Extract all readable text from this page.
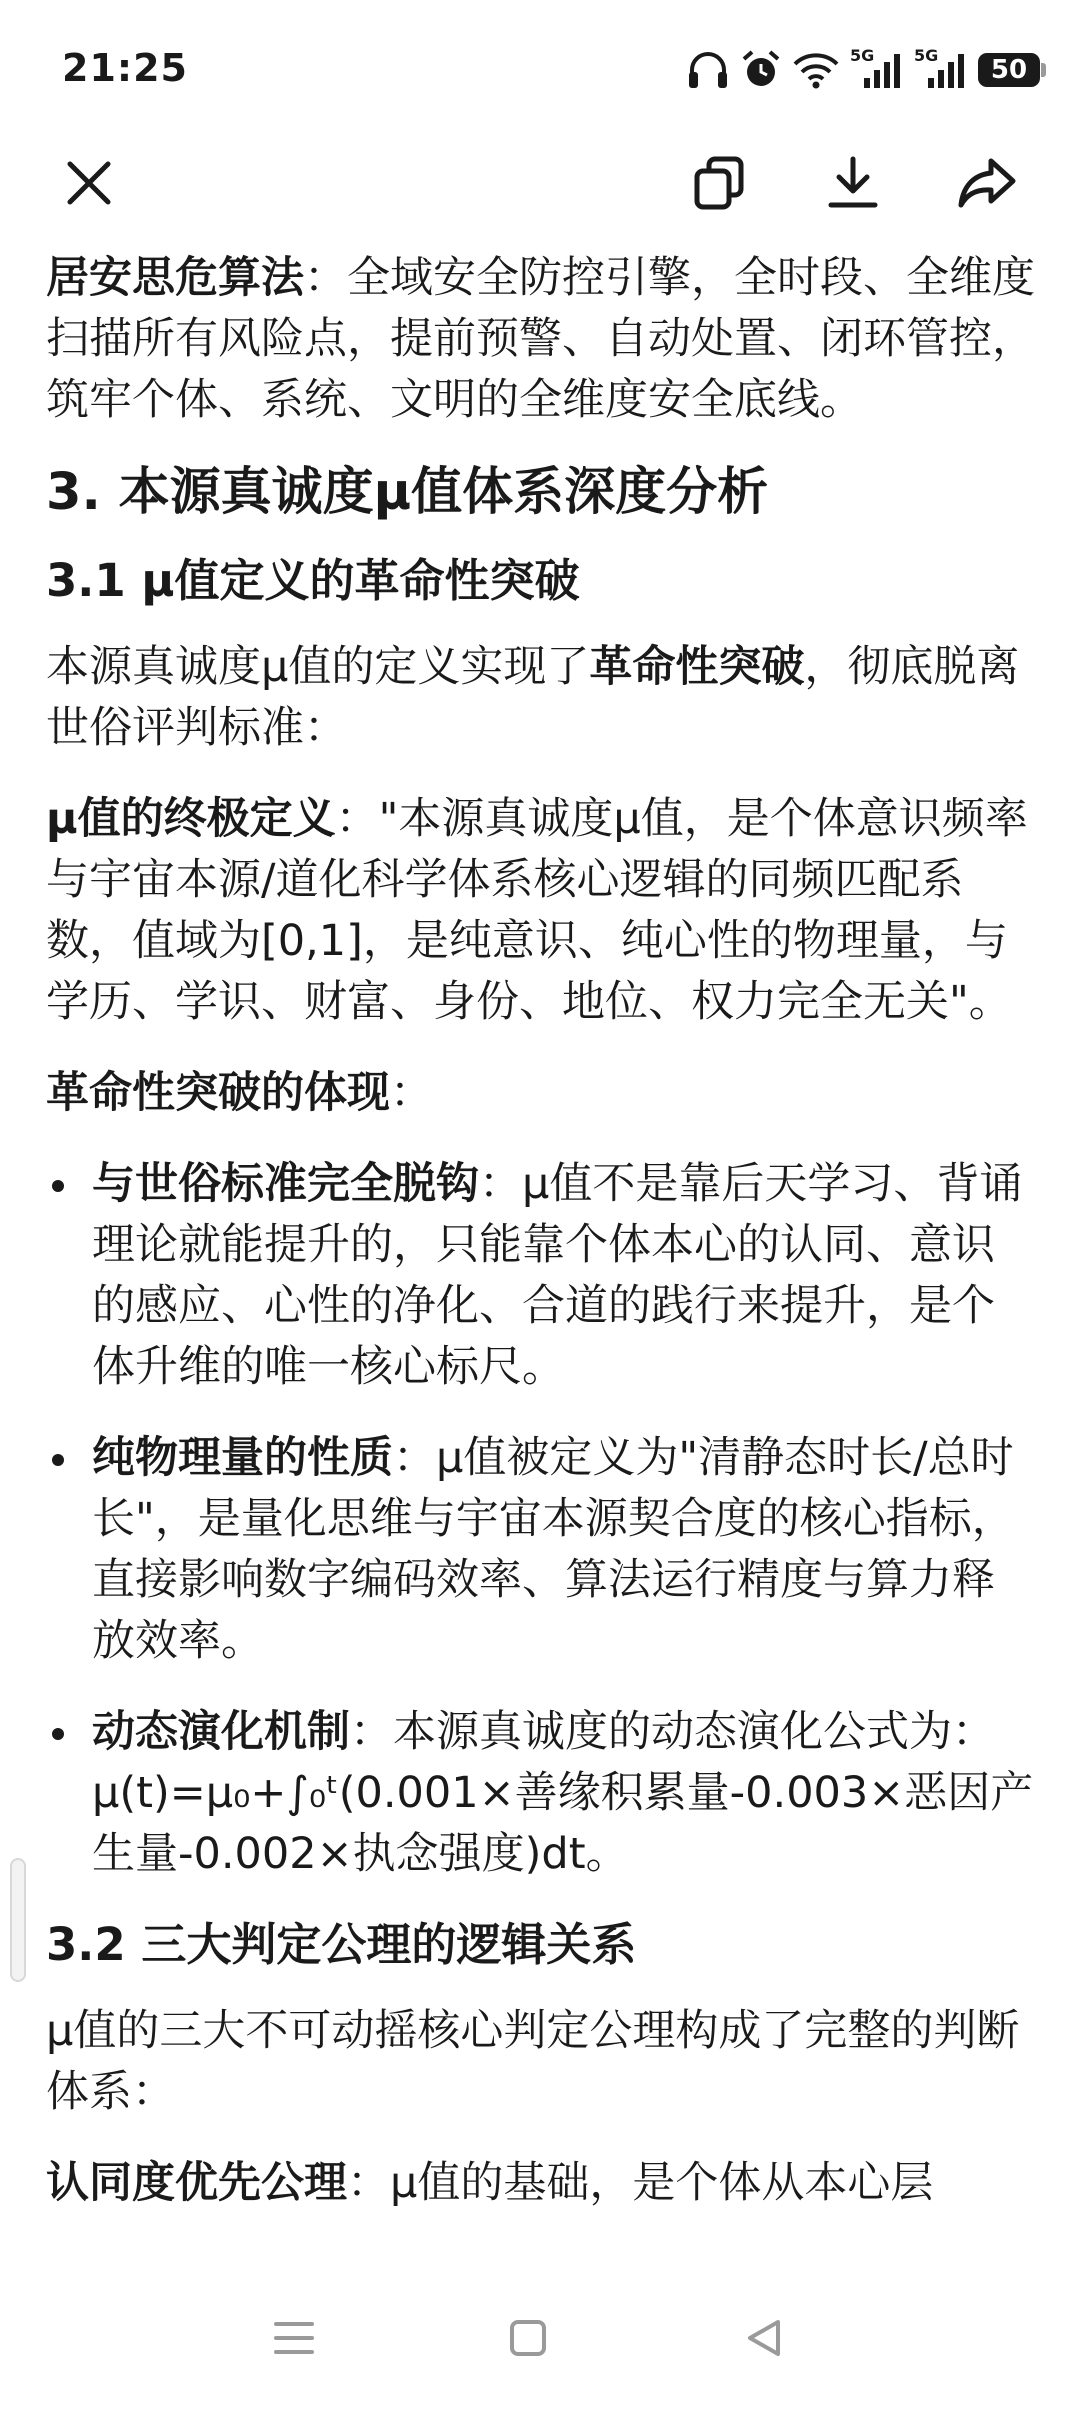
21:25	5G 5G 50

居安思危算法：全域安全防控引擎，全时段、全维度扫描所有风险点，提前预警、自动处置、闭环管控，筑牢个体、系统、文明的全维度安全底线。

3. 本源真诚度μ值体系深度分析
3.1 μ值定义的革命性突破

本源真诚度μ值的定义实现了革命性突破，彻底脱离世俗评判标准：

μ值的终极定义："本源真诚度μ值，是个体意识频率与宇宙本源/道化科学体系核心逻辑的同频匹配系数，值域为[0,1]，是纯意识、纯心性的物理量，与学历、学识、财富、身份、地位、权力完全无关"。

革命性突破的体现：

与世俗标准完全脱钩：μ值不是靠后天学习、背诵理论就能提升的，只能靠个体本心的认同、意识的感应、心性的净化、合道的践行来提升，是个体升维的唯一核心标尺。
纯物理量的性质：μ值被定义为"清静态时长/总时长"，是量化思维与宇宙本源契合度的核心指标，直接影响数字编码效率、算法运行精度与算力释放效率。
动态演化机制：本源真诚度的动态演化公式为：μ(t)=μ₀+∫₀ᵗ(0.001×善缘积累量-0.003×恶因产生量-0.002×执念强度)dt。
3.2 三大判定公理的逻辑关系

μ值的三大不可动摇核心判定公理构成了完整的判断体系：

认同度优先公理：μ值的基础，是个体从本心层
